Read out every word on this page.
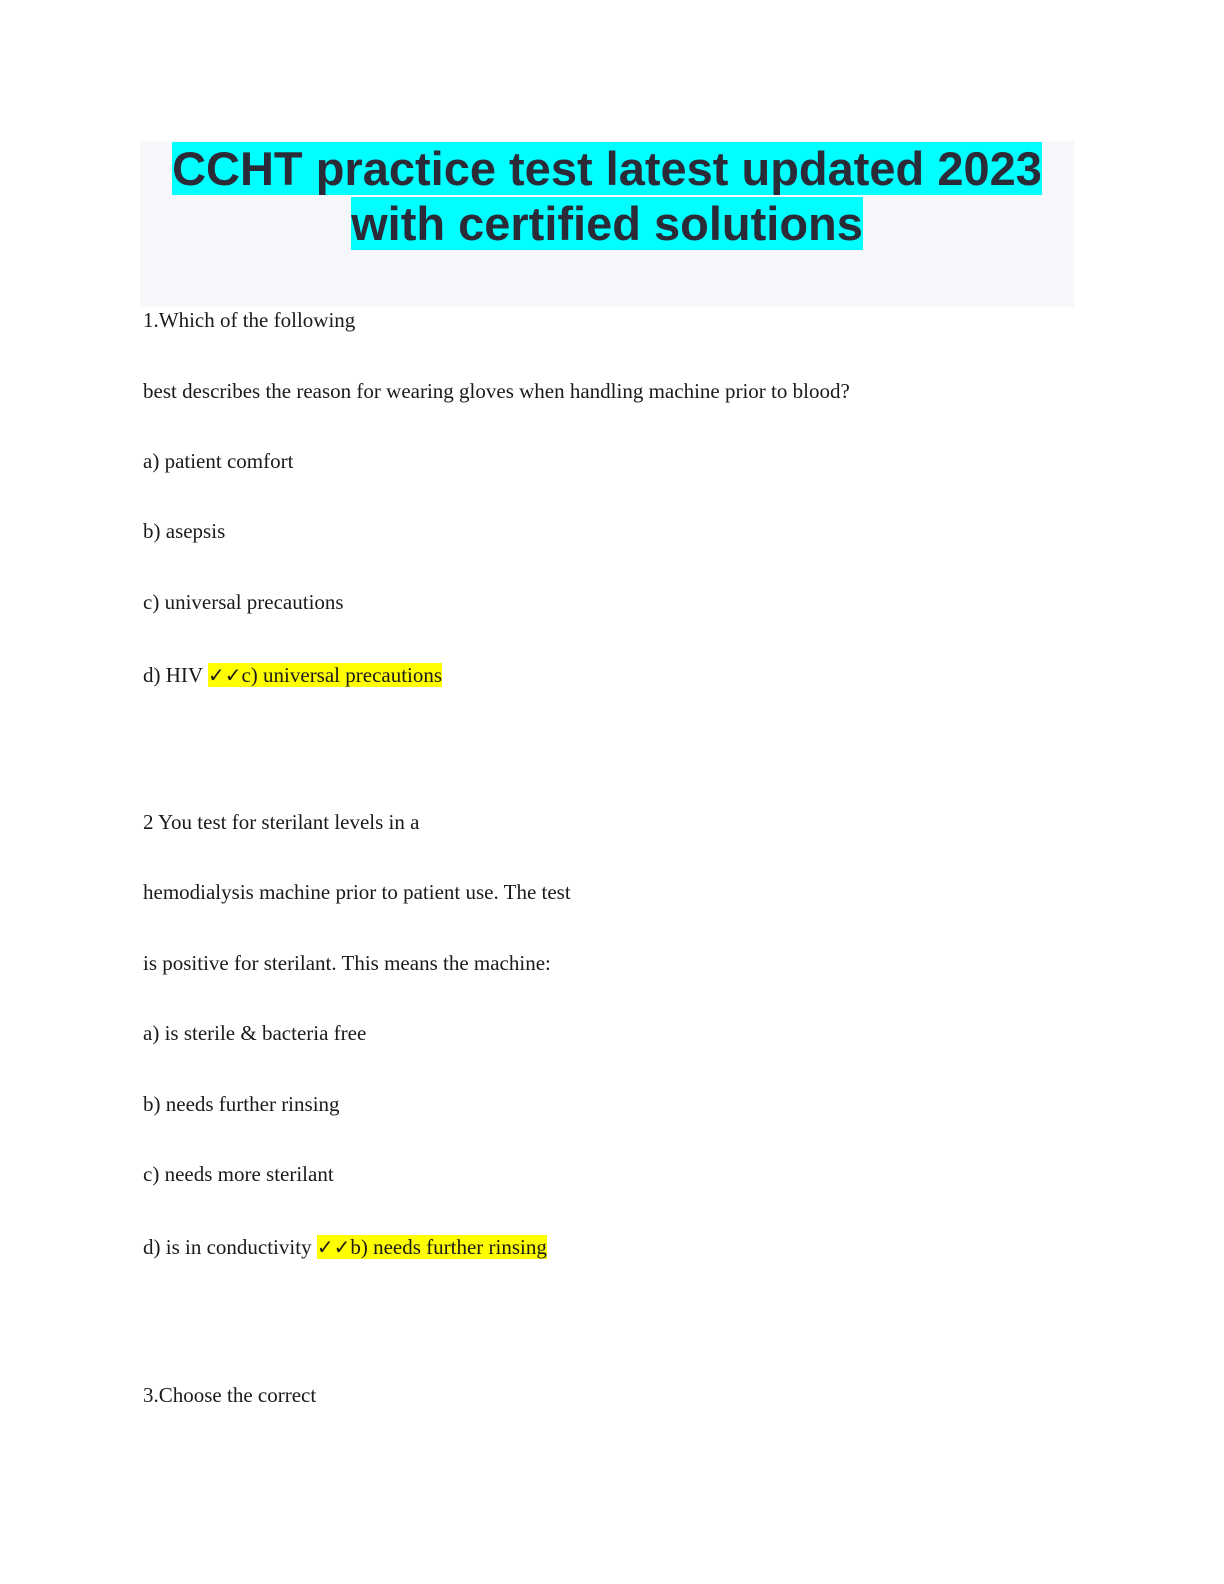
CCHT practice test latest updated 2023
with certified solutions
1.Which of the following
best describes the reason for wearing gloves when handling machine prior to blood?
a) patient comfort
b) asepsis
c) universal precautions
d) HIV ✓✓c) universal precautions
2 You test for sterilant levels in a
hemodialysis machine prior to patient use. The test
is positive for sterilant. This means the machine:
a) is sterile & bacteria free
b) needs further rinsing
c) needs more sterilant
d) is in conductivity ✓✓b) needs further rinsing
3.Choose the correct
